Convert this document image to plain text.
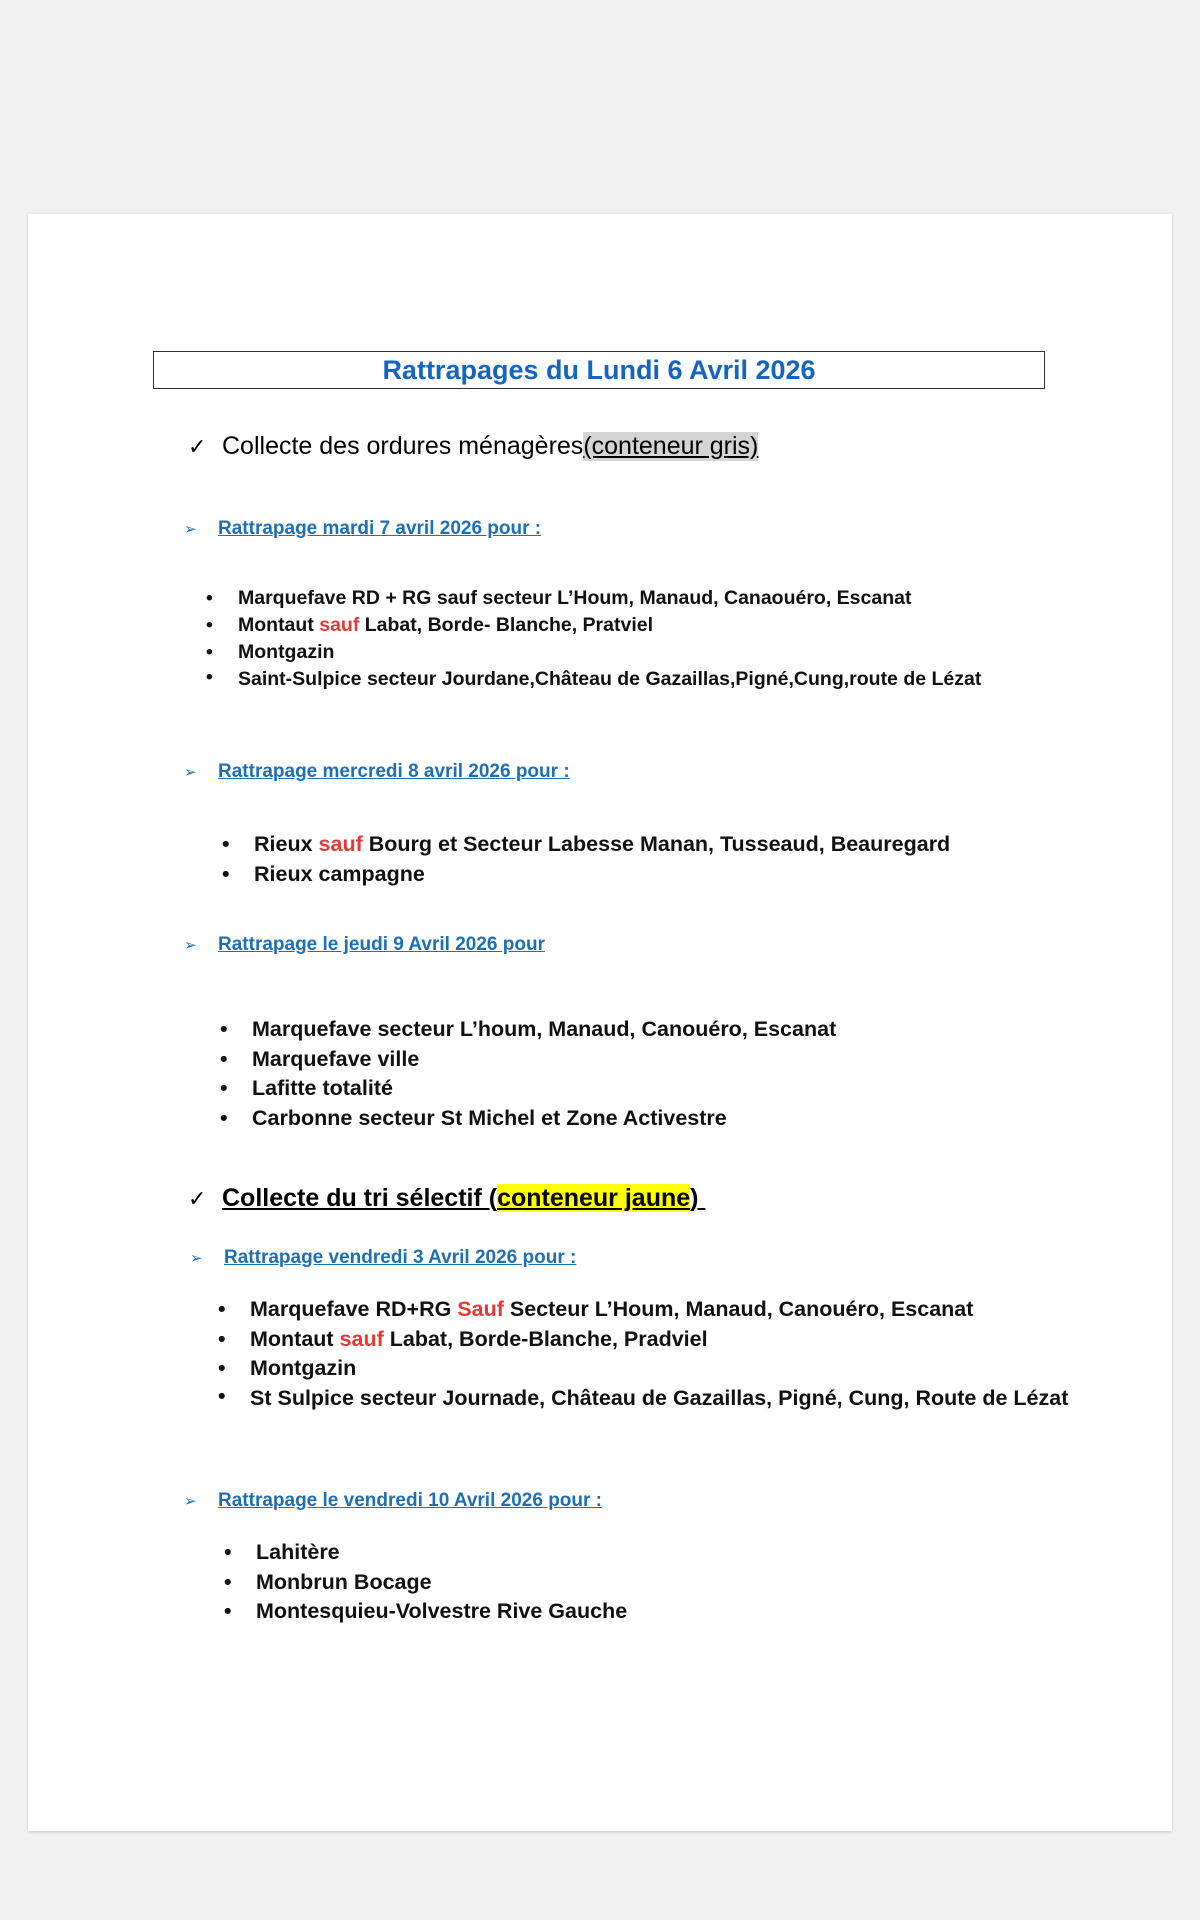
Rattrapages du Lundi 6 Avril 2026
✓ Collecte des ordures ménagères (conteneur gris)
➢	Rattrapage mardi 7 avril 2026 pour :
• Marquefave RD + RG sauf secteur L’Houm, Manaud, Canaouéro, Escanat
• Montaut sauf Labat, Borde- Blanche, Pratviel
• Montgazin
• Saint-Sulpice secteur Jourdane,Château de Gazaillas,Pigné,Cung,route de Lézat
➢	Rattrapage mercredi 8 avril 2026 pour :
• Rieux sauf Bourg et Secteur Labesse Manan, Tusseaud, Beauregard
• Rieux campagne
➢	Rattrapage le jeudi 9 Avril 2026 pour
• Marquefave secteur L’houm, Manaud, Canouéro, Escanat
• Marquefave ville
• Lafitte totalité
• Carbonne secteur St Michel et Zone Activestre
✓ Collecte du tri sélectif (conteneur jaune)
➢	Rattrapage vendredi 3 Avril 2026 pour :
• Marquefave RD+RG Sauf Secteur L’Houm, Manaud, Canouéro, Escanat
• Montaut sauf Labat, Borde-Blanche, Pradviel
• Montgazin
• St Sulpice secteur Journade, Château de Gazaillas, Pigné, Cung, Route de Lézat
➢	Rattrapage le vendredi 10 Avril 2026 pour :
• Lahitère
• Monbrun Bocage
• Montesquieu-Volvestre Rive Gauche
